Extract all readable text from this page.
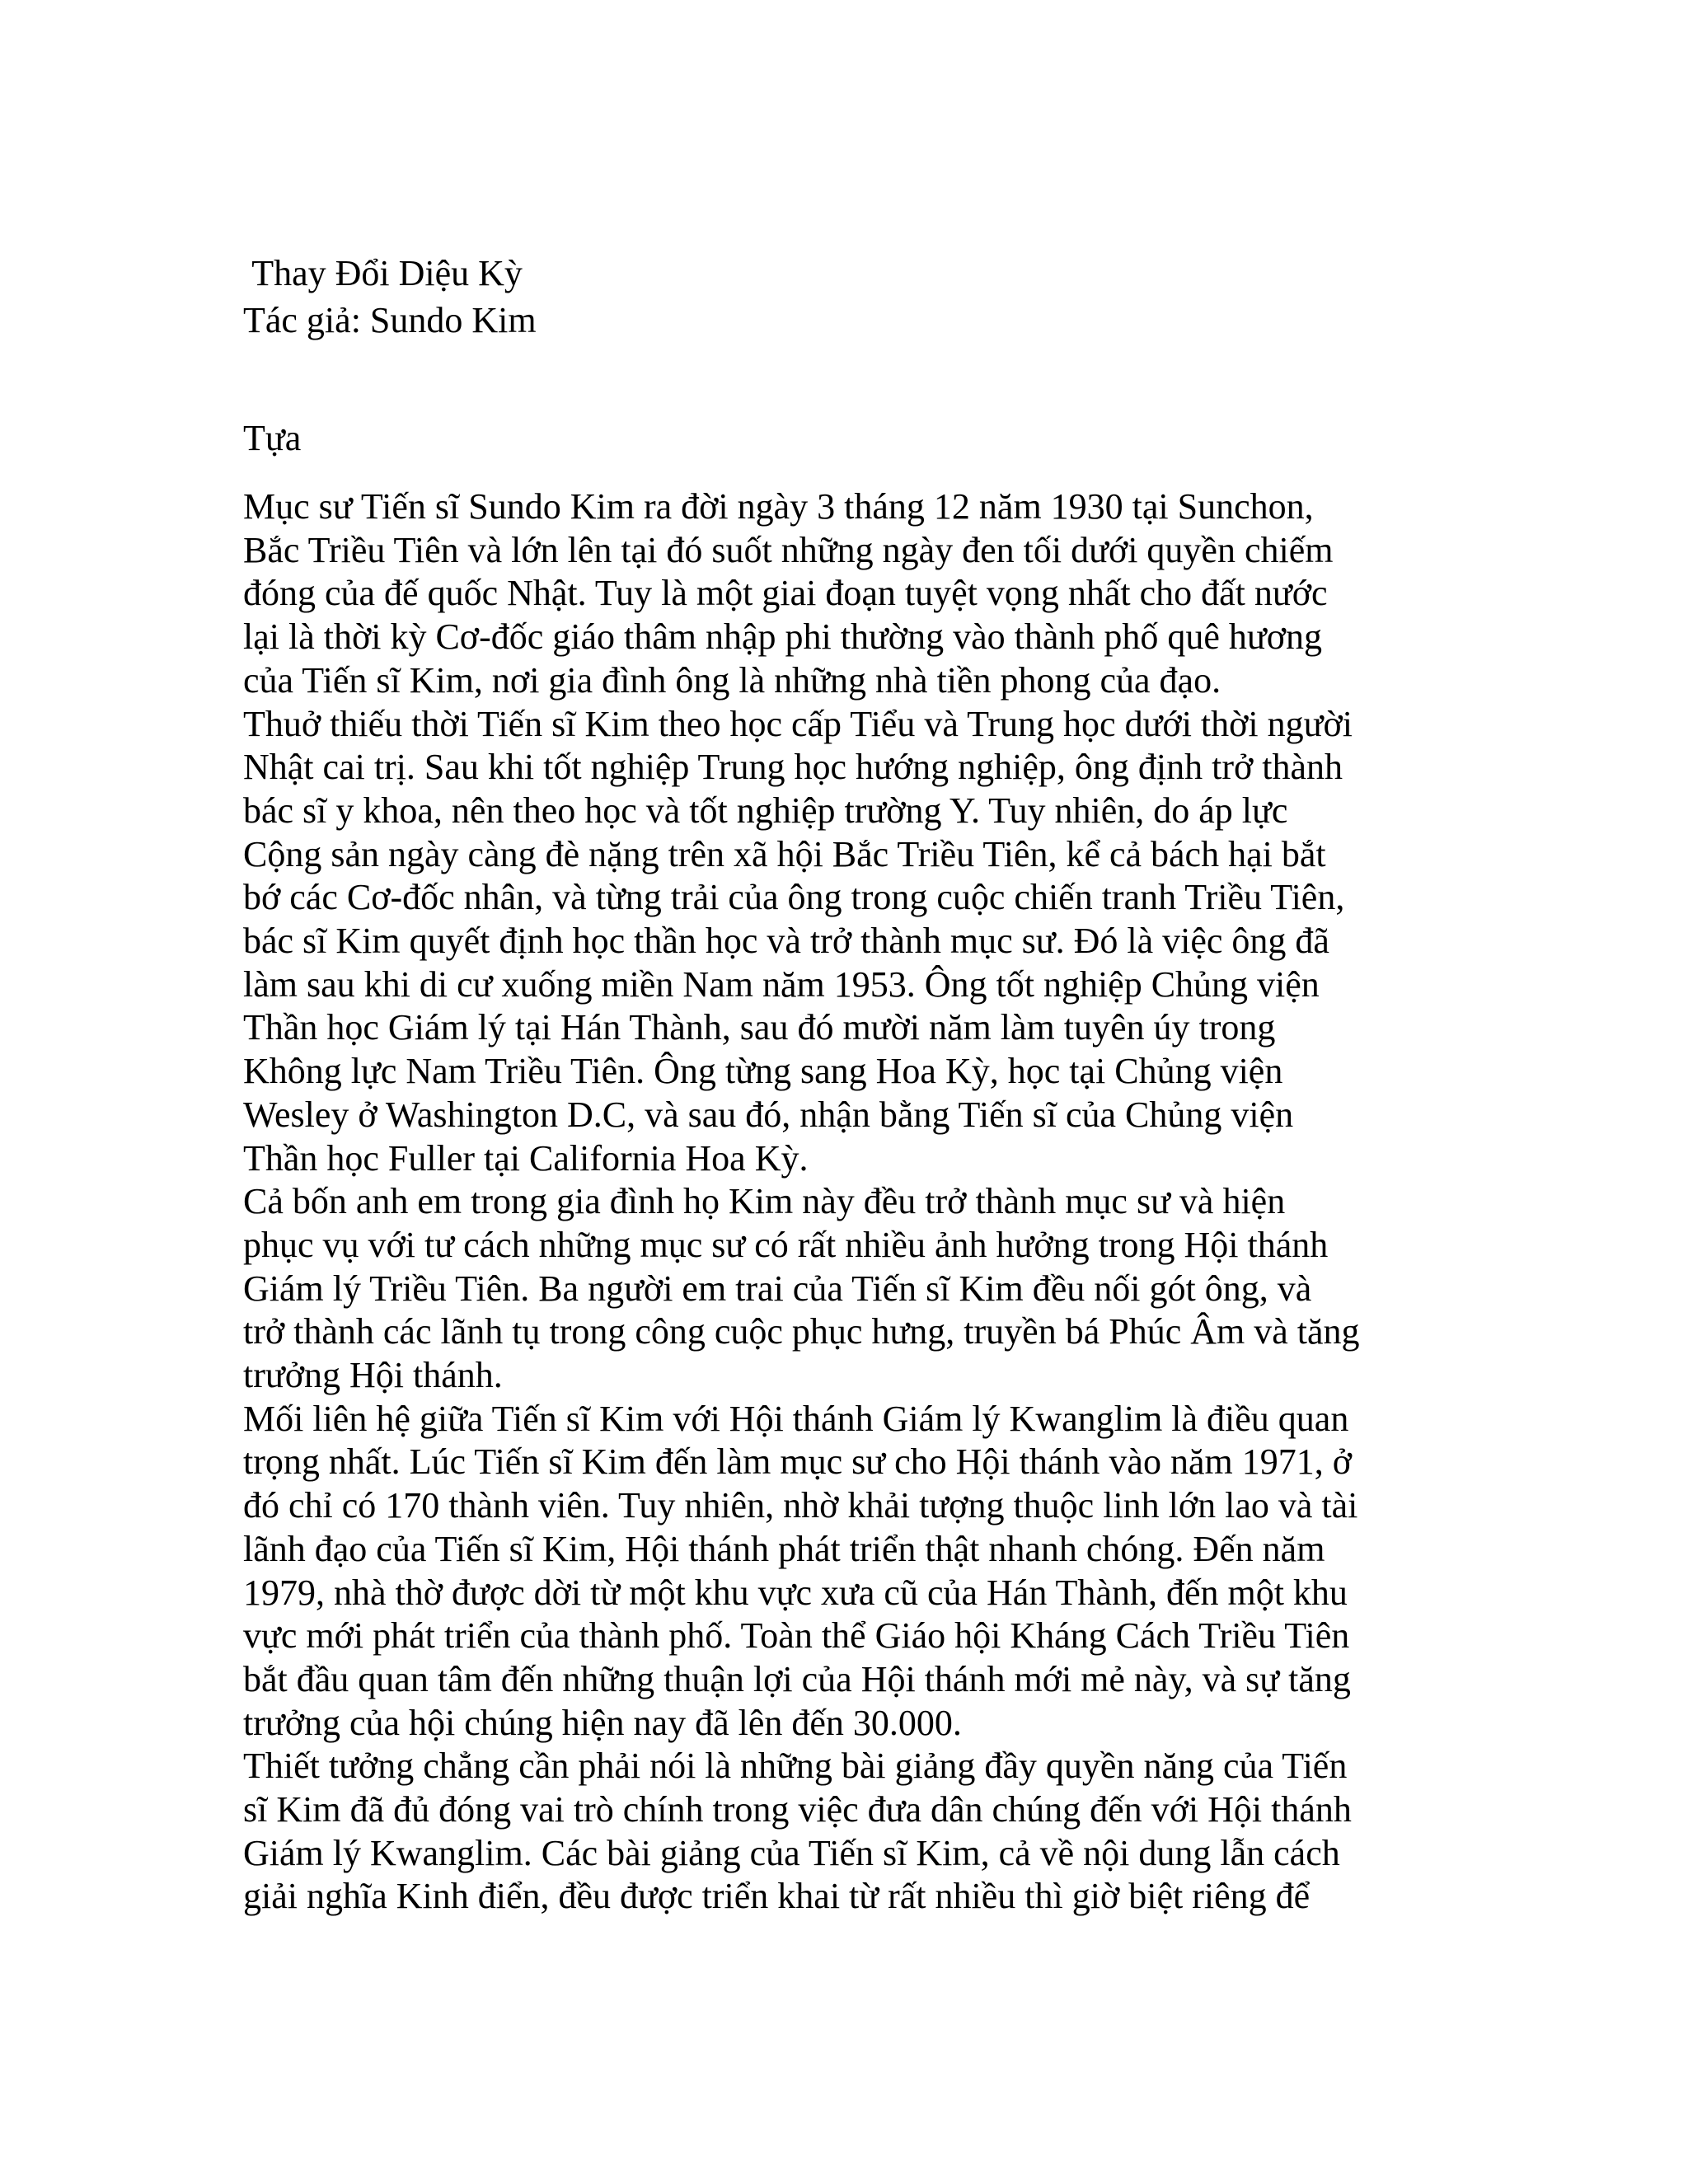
Thay Đổi Diệu Kỳ

Tác giả: Sundo Kim

Tựa

Mục sư Tiến sĩ Sundo Kim ra đời ngày 3 tháng 12 năm 1930 tại Sunchon,

Bắc Triều Tiên và lớn lên tại đó suốt những ngày đen tối dưới quyền chiếm

đóng của đế quốc Nhật. Tuy là một giai đoạn tuyệt vọng nhất cho đất nước

lại là thời kỳ Cơ-đốc giáo thâm nhập phi thường vào thành phố quê hương

của Tiến sĩ Kim, nơi gia đình ông là những nhà tiền phong của đạo.

Thuở thiếu thời Tiến sĩ Kim theo học cấp Tiểu và Trung học dưới thời người

Nhật cai trị. Sau khi tốt nghiệp Trung học hướng nghiệp, ông định trở thành

bác sĩ y khoa, nên theo học và tốt nghiệp trường Y. Tuy nhiên, do áp lực

Cộng sản ngày càng đè nặng trên xã hội Bắc Triều Tiên, kể cả bách hại bắt

bớ các Cơ-đốc nhân, và từng trải của ông trong cuộc chiến tranh Triều Tiên,

bác sĩ Kim quyết định học thần học và trở thành mục sư. Đó là việc ông đã

làm sau khi di cư xuống miền Nam năm 1953. Ông tốt nghiệp Chủng viện

Thần học Giám lý tại Hán Thành, sau đó mười năm làm tuyên úy trong

Không lực Nam Triều Tiên. Ông từng sang Hoa Kỳ, học tại Chủng viện

Wesley ở Washington D.C, và sau đó, nhận bằng Tiến sĩ của Chủng viện

Thần học Fuller tại California Hoa Kỳ.

Cả bốn anh em trong gia đình họ Kim này đều trở thành mục sư và hiện

phục vụ với tư cách những mục sư có rất nhiều ảnh hưởng trong Hội thánh

Giám lý Triều Tiên. Ba người em trai của Tiến sĩ Kim đều nối gót ông, và

trở thành các lãnh tụ trong công cuộc phục hưng, truyền bá Phúc Âm và tăng

trưởng Hội thánh.

Mối liên hệ giữa Tiến sĩ Kim với Hội thánh Giám lý Kwanglim là điều quan

trọng nhất. Lúc Tiến sĩ Kim đến làm mục sư cho Hội thánh vào năm 1971, ở

đó chỉ có 170 thành viên. Tuy nhiên, nhờ khải tượng thuộc linh lớn lao và tài

lãnh đạo của Tiến sĩ Kim, Hội thánh phát triển thật nhanh chóng. Đến năm

1979, nhà thờ được dời từ một khu vực xưa cũ của Hán Thành, đến một khu

vực mới phát triển của thành phố. Toàn thể Giáo hội Kháng Cách Triều Tiên

bắt đầu quan tâm đến những thuận lợi của Hội thánh mới mẻ này, và sự tăng

trưởng của hội chúng hiện nay đã lên đến 30.000.

Thiết tưởng chẳng cần phải nói là những bài giảng đầy quyền năng của Tiến

sĩ Kim đã đủ đóng vai trò chính trong việc đưa dân chúng đến với Hội thánh

Giám lý Kwanglim. Các bài giảng của Tiến sĩ Kim, cả về nội dung lẫn cách

giải nghĩa Kinh điển, đều được triển khai từ rất nhiều thì giờ biệt riêng để
